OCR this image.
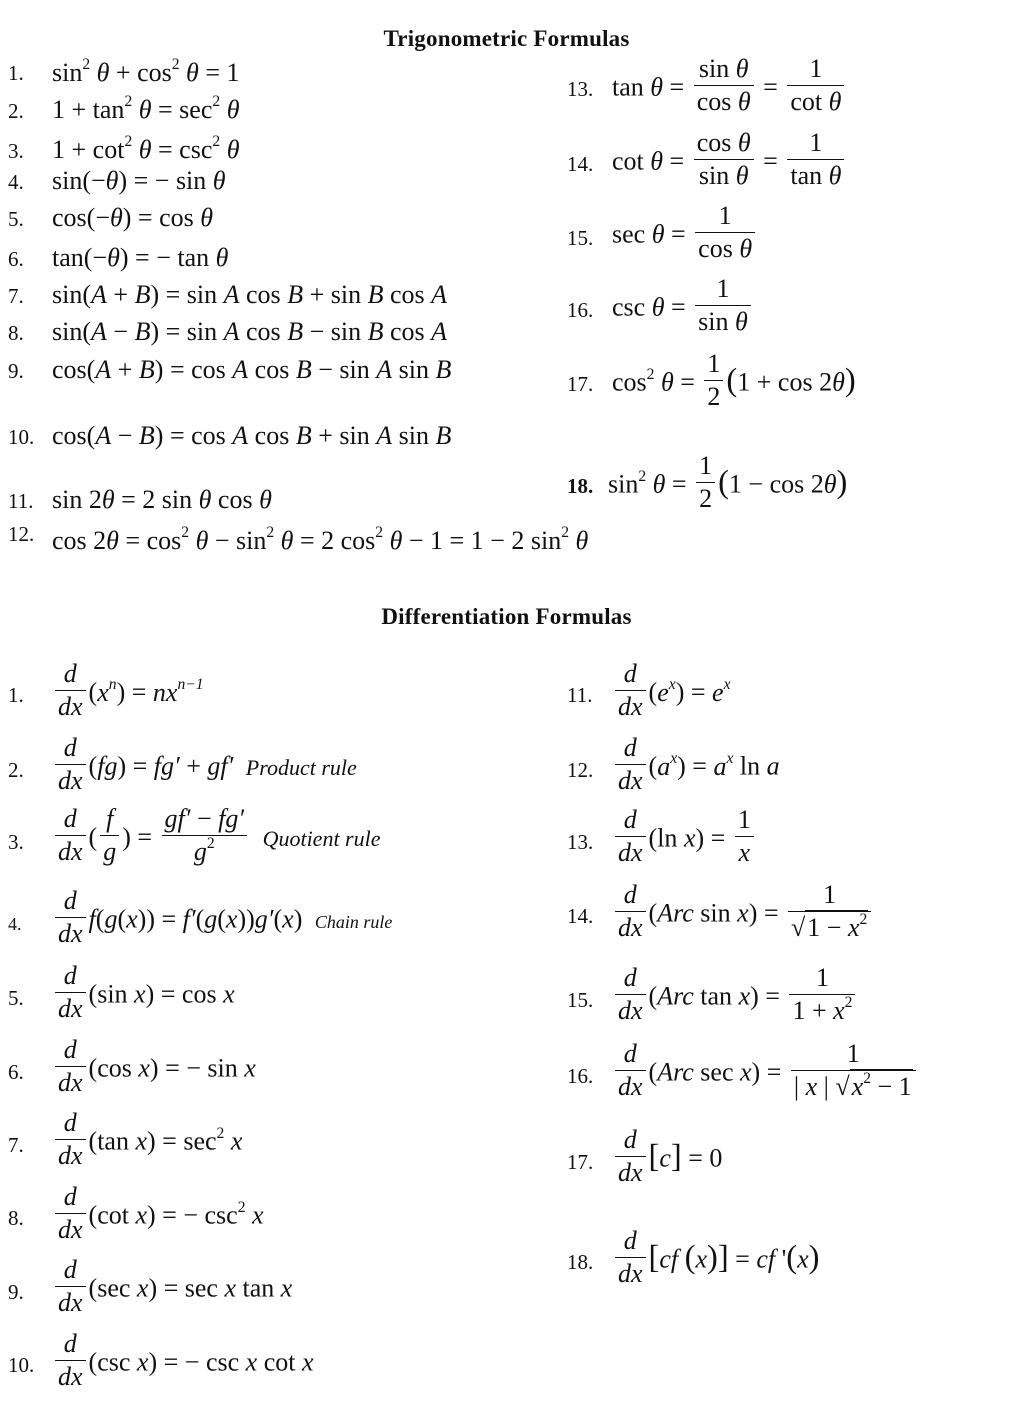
Trigonometric Formulas
1. $\sin^2 \theta + \cos^2 \theta = 1$
2. $1 + \tan^2 \theta = \sec^2 \theta$
3. $1 + \cot^2 \theta = \csc^2 \theta$
4. sin(−θ) = − sin θ
5. cos(−θ) = cos θ
6. tan(−θ) = − tan θ
7. sin(A + B) = sin A cos B + sin B cos A
8. sin(A − B) = sin A cos B − sin B cos A
9. cos(A + B) = cos A cos B − sin A sin B
10. cos(A − B) = cos A cos B + sin A sin B
11. sin 2θ = 2 sin θ cos θ
12. $\cos 2\theta = \cos^2 \theta - \sin^2 \theta = 2$ $\cos^2 \theta - 1 = 1 - 2$ $\sin^2 \theta$
13. $\tan \theta = \frac{\text{sin θ}}{\text{cos θ}} = \frac{1}{\text{cot θ}}$
14. $\cot \theta = \frac{\text{cos θ}}{\text{sin θ}} = \frac{1}{\text{tan θ}}$
15. $\sec \theta = \frac{1}{\text{cos θ}}$
16. $\csc \theta = \frac{1}{\text{sin θ}}$
17. $\cos^2 \theta = \frac{1}{2} (1 + \cos 2\theta)$
18. $\sin^2 \theta = \frac{1}{2} (1 - \cos 2\theta)$
Differentiation Formulas
1. $\frac{d}{dx} (x^n) = nx^{n-1}$
2. $\frac{d}{dx} (fg) = fg' + gf'$ Product rule
3. $\frac{d}{dx}$ ( $\frac{f}{g}$ ) = $\frac{gf' - fg'}{g^2}$ Quotient rule
4. $\frac{d}{dx} f(g(x)) = f'(g(x))g'(x)$ Chain rule
5. $\frac{d}{dx} (\sin$ x) = cos x
6. $\frac{d}{dx} (\cos$ x) = − sin x
7. $\frac{d}{dx} (\tan$ $x) = \sec^2 x$
8. $\frac{d}{dx} (\cot$ x) = − $\csc^2 x$
9. $\frac{d}{dx} (\sec$ x) = sec x tan x
10. $\frac{d}{dx} (\csc$ x) = − csc x cot x
11. $\frac{d}{dx} (e^x) = e^x$
12. $\frac{d}{dx} (a^x) = a^x$ ln a
13. $\frac{d}{dx} (\ln$ $x) = \frac{1}{x}$
14. $\frac{d}{dx} (Arc$ $\sin x) = \frac{1}{√1 - x^2}$
15. $\frac{d}{dx} (Arc$ $\tan x) = \frac{1}{1 + x^2}$
16. $\frac{d}{dx} (Arc$ $\sec x) = \frac{1}{| x | √x^2 - 1}$
17. $\frac{d}{dx} [c] = 0$
18. $\frac{d}{dx} [cf$ (x)] = cf '(x)
